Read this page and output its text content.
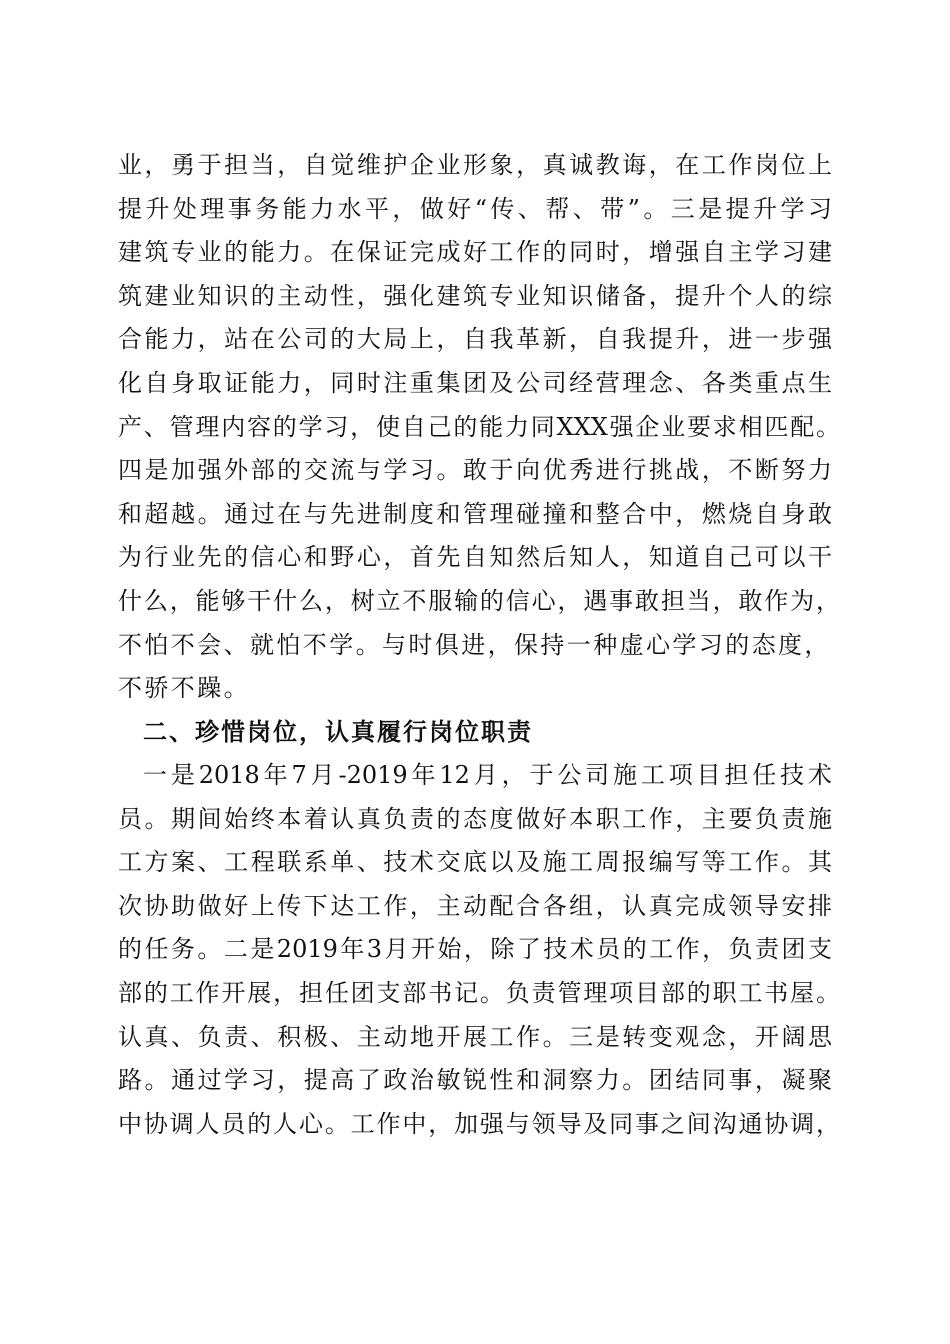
业，勇于担当，自觉维护企业形象，真诚教诲，在工作岗位上
提升处理事务能力水平，做好“传、帮、带”。三是提升学习
建筑专业的能力。在保证完成好工作的同时，增强自主学习建
筑建业知识的主动性，强化建筑专业知识储备，提升个人的综
合能力，站在公司的大局上，自我革新，自我提升，进一步强
化自身取证能力，同时注重集团及公司经营理念、各类重点生
产、管理内容的学习，使自己的能力同XXX强企业要求相匹配。
四是加强外部的交流与学习。敢于向优秀进行挑战，不断努力
和超越。通过在与先进制度和管理碰撞和整合中，燃烧自身敢
为行业先的信心和野心，首先自知然后知人，知道自己可以干
什么，能够干什么，树立不服输的信心，遇事敢担当，敢作为，
不怕不会、就怕不学。与时俱进，保持一种虚心学习的态度，
不骄不躁。
二、珍惜岗位，认真履行岗位职责
一是2018年7月-2019年12月，于公司施工项目担任技术
员。期间始终本着认真负责的态度做好本职工作，主要负责施
工方案、工程联系单、技术交底以及施工周报编写等工作。其
次协助做好上传下达工作，主动配合各组，认真完成领导安排
的任务。二是2019年3月开始，除了技术员的工作，负责团支
部的工作开展，担任团支部书记。负责管理项目部的职工书屋。
认真、负责、积极、主动地开展工作。三是转变观念，开阔思
路。通过学习，提高了政治敏锐性和洞察力。团结同事，凝聚
中协调人员的人心。工作中，加强与领导及同事之间沟通协调，
